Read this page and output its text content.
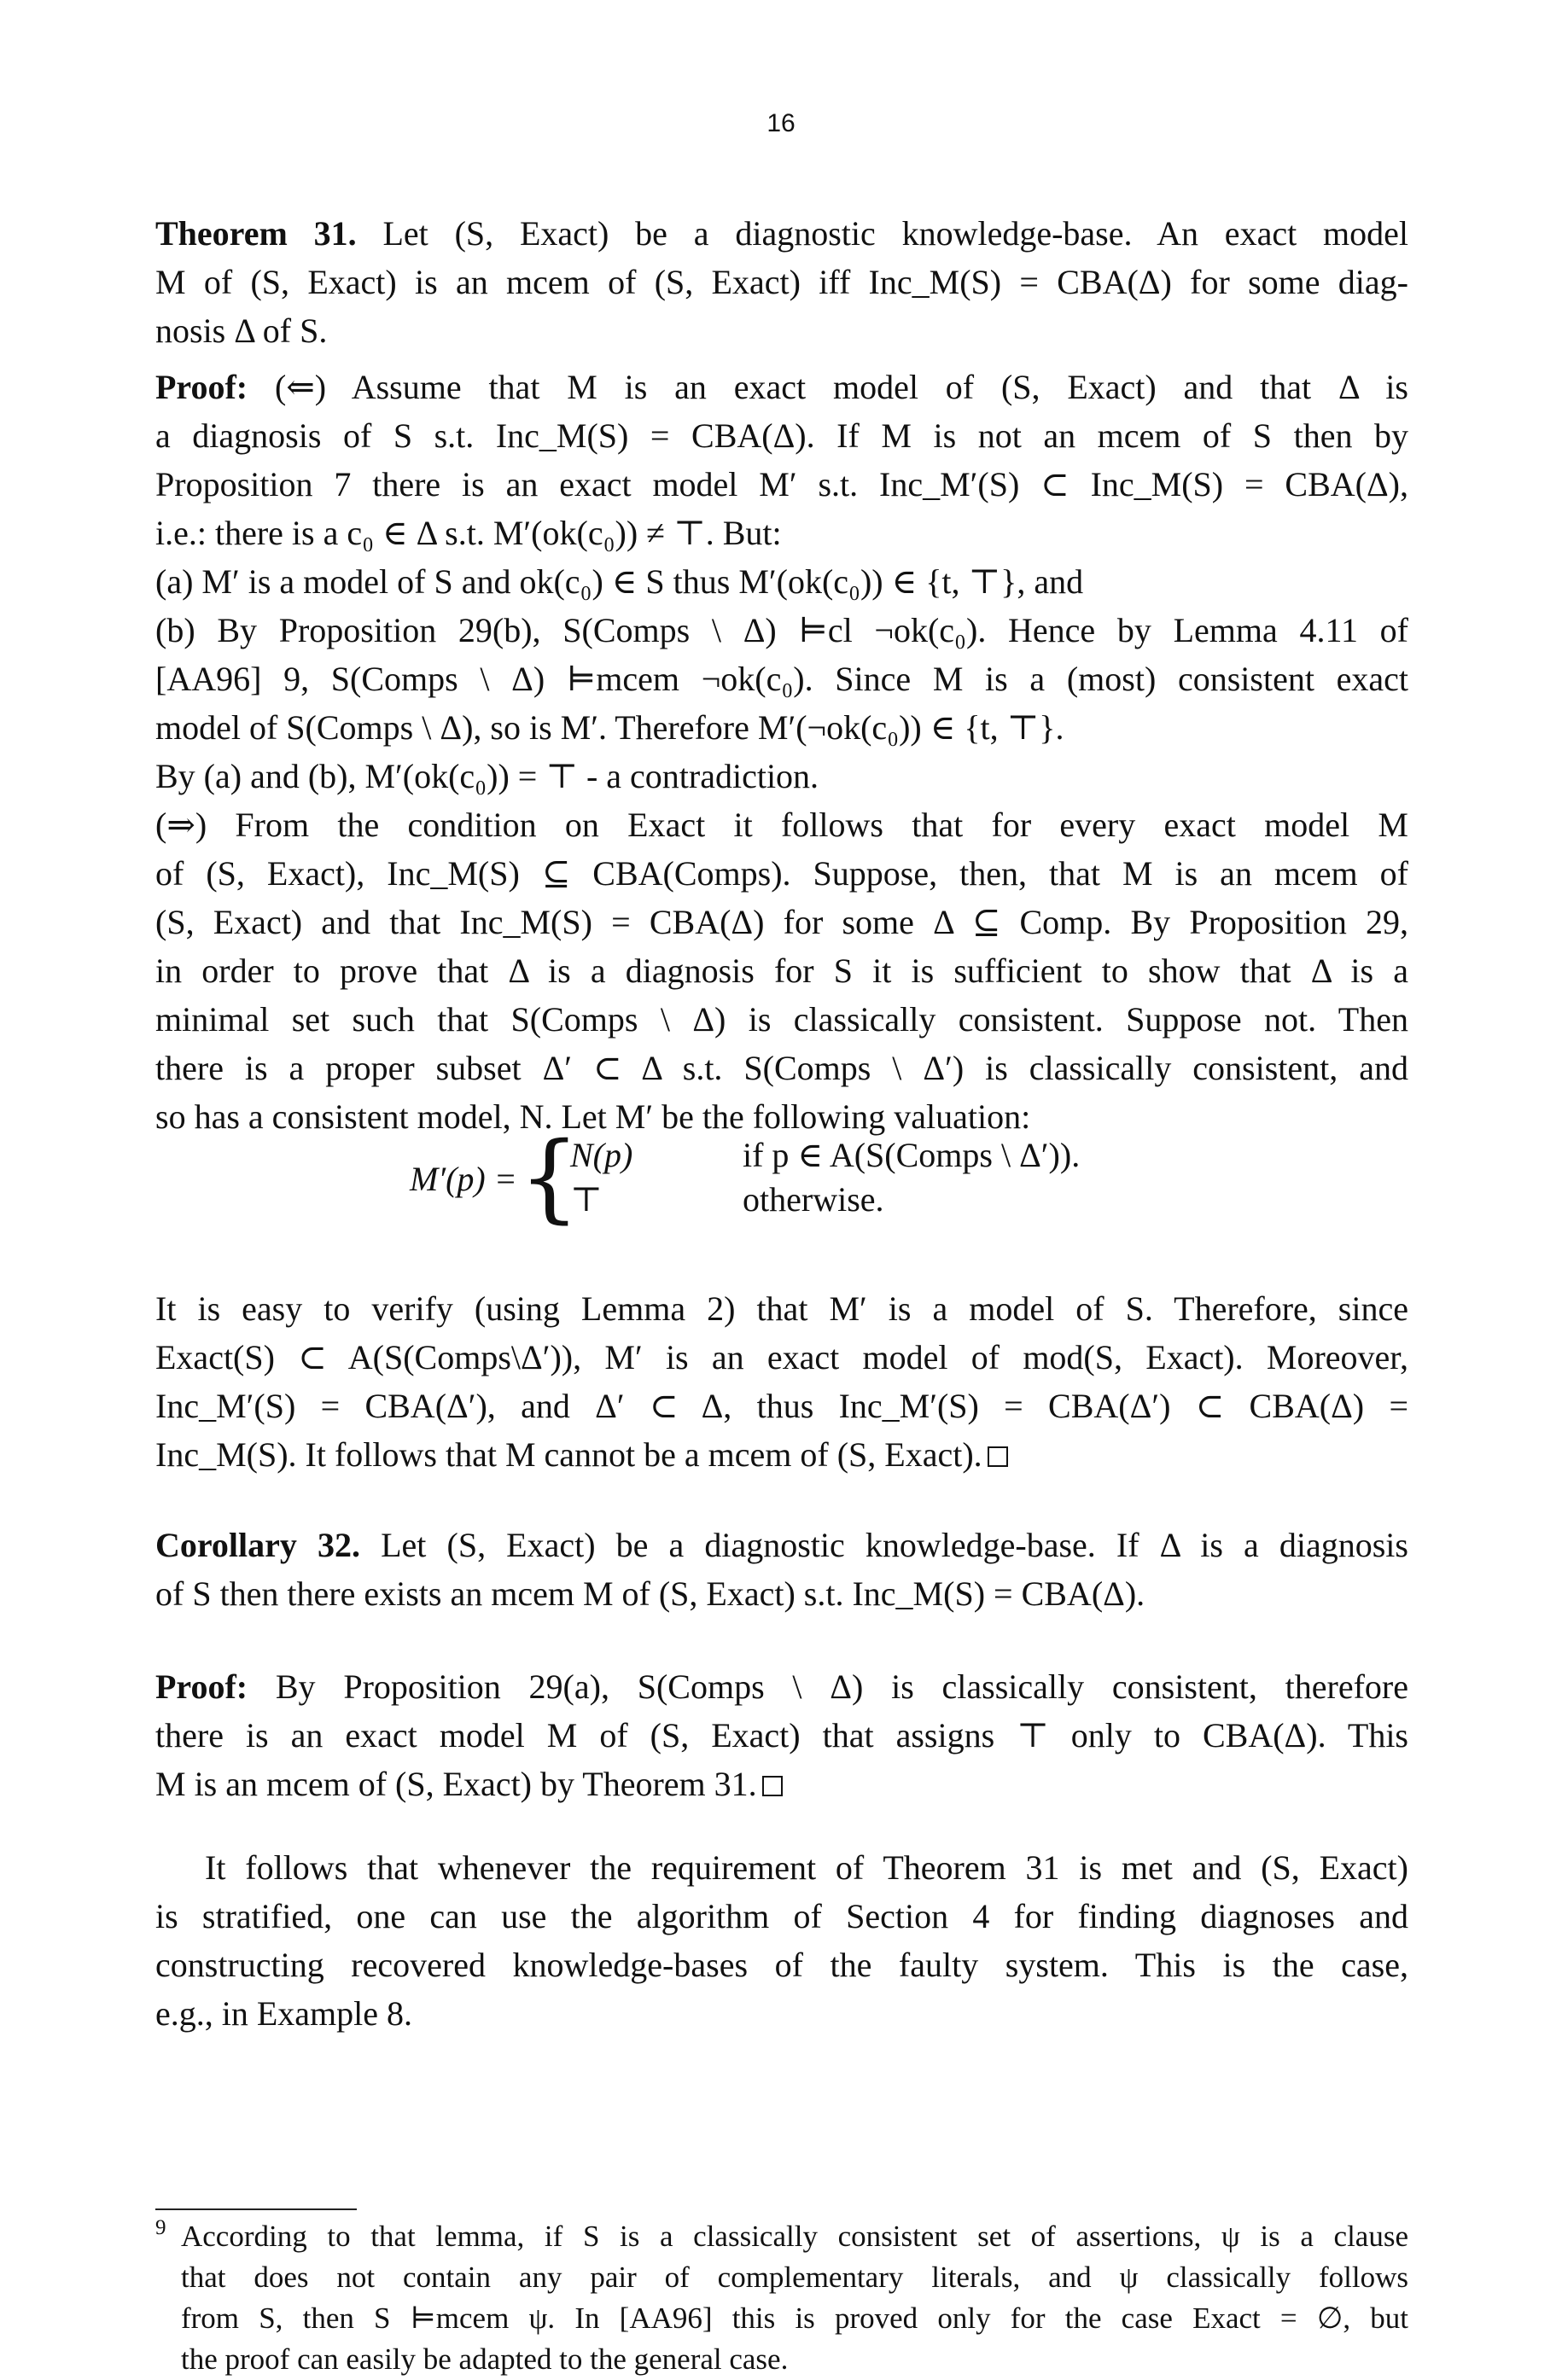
16
Theorem 31. Let (S, Exact) be a diagnostic knowledge-base. An exact model
M of (S, Exact) is an mcem of (S, Exact) iff Inc_M(S) = CBA(Δ) for some diag-
nosis Δ of S.
Proof: (⇐) Assume that M is an exact model of (S, Exact) and that Δ is
a diagnosis of S s.t. Inc_M(S) = CBA(Δ). If M is not an mcem of S then by
Proposition 7 there is an exact model M′ s.t. Inc_M′(S) ⊂ Inc_M(S) = CBA(Δ),
i.e.: there is a c₀ ∈ Δ s.t. M′(ok(c₀)) ≠ ⊤. But:
(a) M′ is a model of S and ok(c₀) ∈ S thus M′(ok(c₀)) ∈ {t, ⊤}, and
(b) By Proposition 29(b), S(Comps \ Δ) ⊨cl ¬ok(c₀). Hence by Lemma 4.11 of
[AA96] 9, S(Comps \ Δ) ⊨mcem ¬ok(c₀). Since M is a (most) consistent exact
model of S(Comps \ Δ), so is M′. Therefore M′(¬ok(c₀)) ∈ {t, ⊤}.
By (a) and (b), M′(ok(c₀)) = ⊤ - a contradiction.
(⇒) From the condition on Exact it follows that for every exact model M
of (S, Exact), Inc_M(S) ⊆ CBA(Comps). Suppose, then, that M is an mcem of
(S, Exact) and that Inc_M(S) = CBA(Δ) for some Δ ⊆ Comp. By Proposition 29,
in order to prove that Δ is a diagnosis for S it is sufficient to show that Δ is a
minimal set such that S(Comps \ Δ) is classically consistent. Suppose not. Then
there is a proper subset Δ′ ⊂ Δ s.t. S(Comps \ Δ′) is classically consistent, and
so has a consistent model, N. Let M′ be the following valuation:
M′(p) = {
N(p)	if p ∈ A(S(Comps \ Δ′)).
⊤	otherwise.
It is easy to verify (using Lemma 2) that M′ is a model of S. Therefore, since
Exact(S) ⊂ A(S(Comps\Δ′)), M′ is an exact model of mod(S, Exact). Moreover,
Inc_M′(S) = CBA(Δ′), and Δ′ ⊂ Δ, thus Inc_M′(S) = CBA(Δ′) ⊂ CBA(Δ) =
Inc_M(S). It follows that M cannot be a mcem of (S, Exact).
Corollary 32. Let (S, Exact) be a diagnostic knowledge-base. If Δ is a diagnosis
of S then there exists an mcem M of (S, Exact) s.t. Inc_M(S) = CBA(Δ).
Proof: By Proposition 29(a), S(Comps \ Δ) is classically consistent, therefore
there is an exact model M of (S, Exact) that assigns ⊤ only to CBA(Δ). This
M is an mcem of (S, Exact) by Theorem 31.
It follows that whenever the requirement of Theorem 31 is met and (S, Exact)
is stratified, one can use the algorithm of Section 4 for finding diagnoses and
constructing recovered knowledge-bases of the faulty system. This is the case,
e.g., in Example 8.
9 According to that lemma, if S is a classically consistent set of assertions, ψ is a clause
that does not contain any pair of complementary literals, and ψ classically follows
from S, then S ⊨mcem ψ. In [AA96] this is proved only for the case Exact = ∅, but
the proof can easily be adapted to the general case.
